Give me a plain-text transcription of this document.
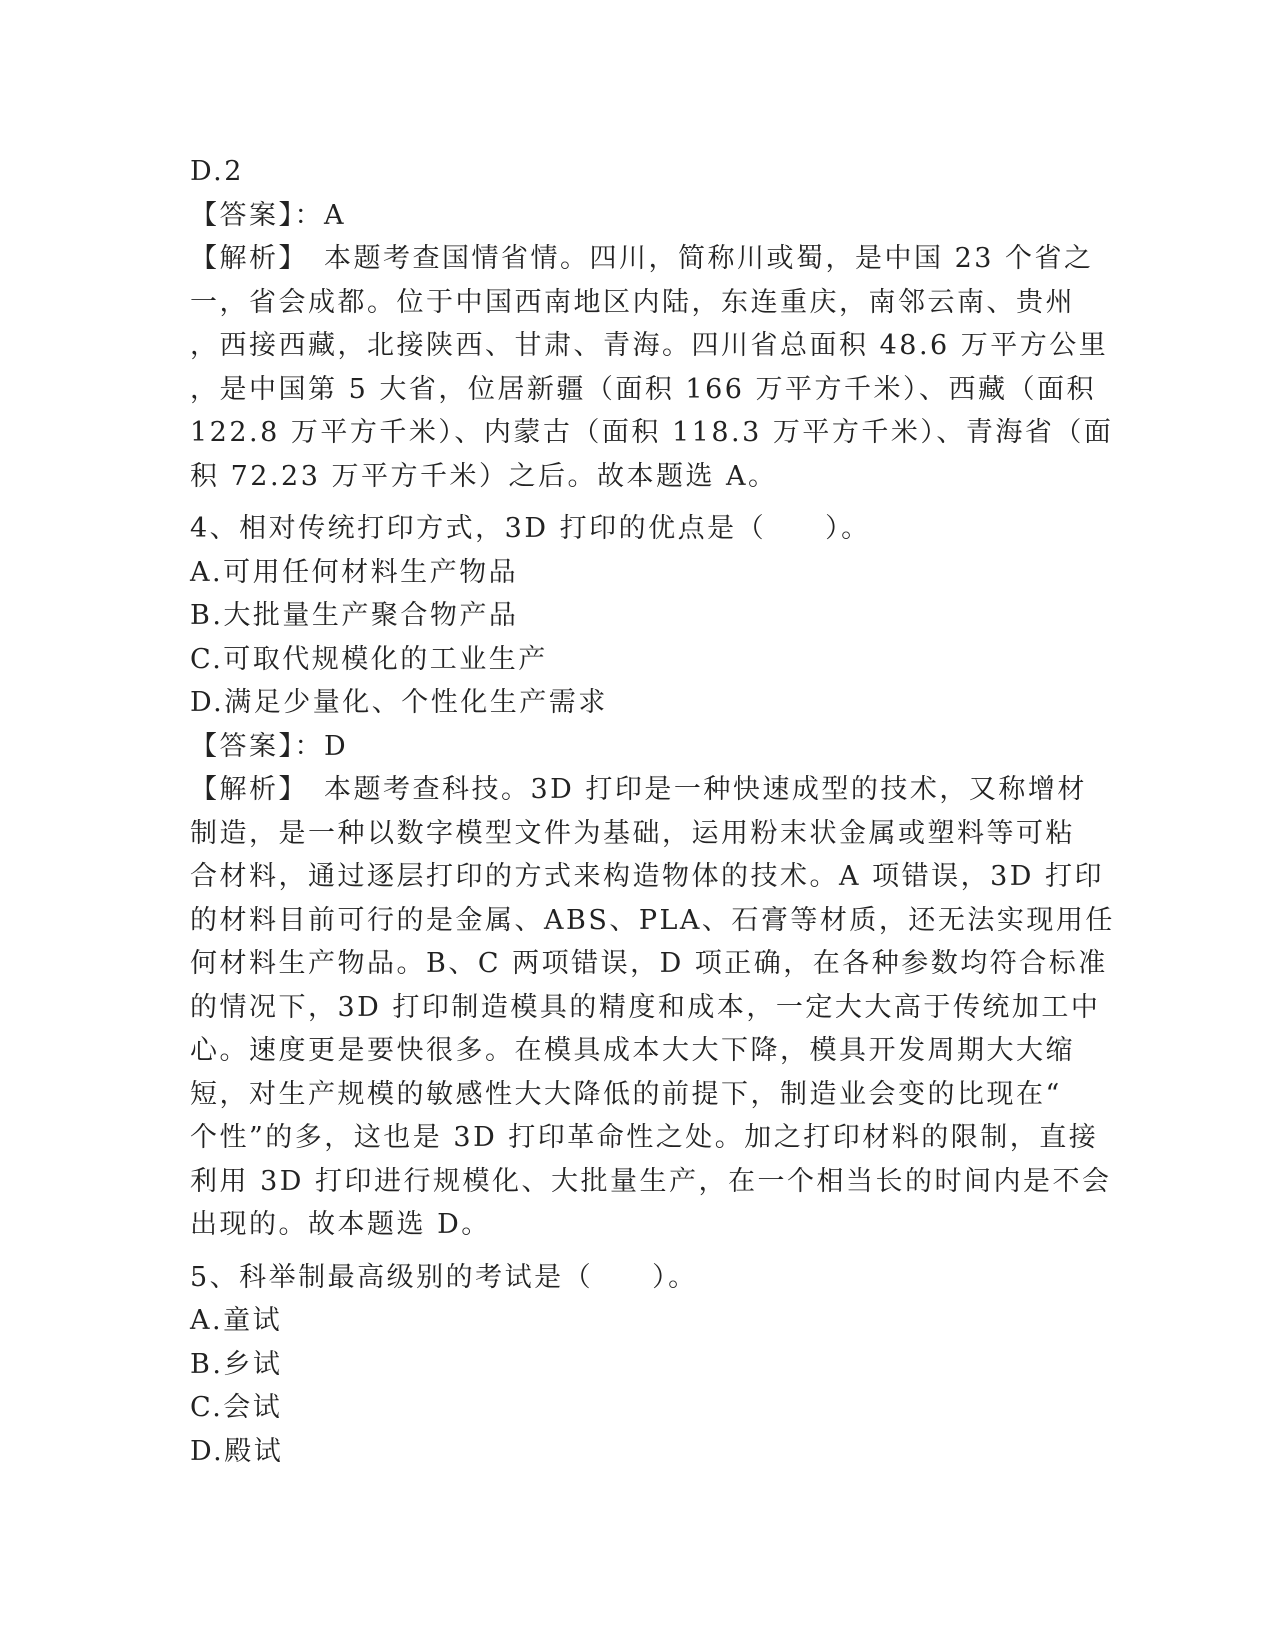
D.2
【答案】：A
【解析】　本题考查国情省情。四川，简称川或蜀，是中国 23 个省之
一，省会成都。位于中国西南地区内陆，东连重庆，南邻云南、贵州
，西接西藏，北接陕西、甘肃、青海。四川省总面积 48.6 万平方公里
，是中国第 5 大省，位居新疆（面积 166 万平方千米）、西藏（面积
122.8 万平方千米）、内蒙古（面积 118.3 万平方千米）、青海省（面
积 72.23 万平方千米）之后。故本题选 A。
4、相对传统打印方式，3D 打印的优点是（　　）。
A.可用任何材料生产物品
B.大批量生产聚合物产品
C.可取代规模化的工业生产
D.满足少量化、个性化生产需求
【答案】：D
【解析】　本题考查科技。3D 打印是一种快速成型的技术，又称增材
制造，是一种以数字模型文件为基础，运用粉末状金属或塑料等可粘
合材料，通过逐层打印的方式来构造物体的技术。A 项错误，3D 打印
的材料目前可行的是金属、ABS、PLA、石膏等材质，还无法实现用任
何材料生产物品。B、C 两项错误，D 项正确，在各种参数均符合标准
的情况下，3D 打印制造模具的精度和成本，一定大大高于传统加工中
心。速度更是要快很多。在模具成本大大下降，模具开发周期大大缩
短，对生产规模的敏感性大大降低的前提下，制造业会变的比现在“
个性”的多，这也是 3D 打印革命性之处。加之打印材料的限制，直接
利用 3D 打印进行规模化、大批量生产，在一个相当长的时间内是不会
出现的。故本题选 D。
5、科举制最高级别的考试是（　　）。
A.童试
B.乡试
C.会试
D.殿试
